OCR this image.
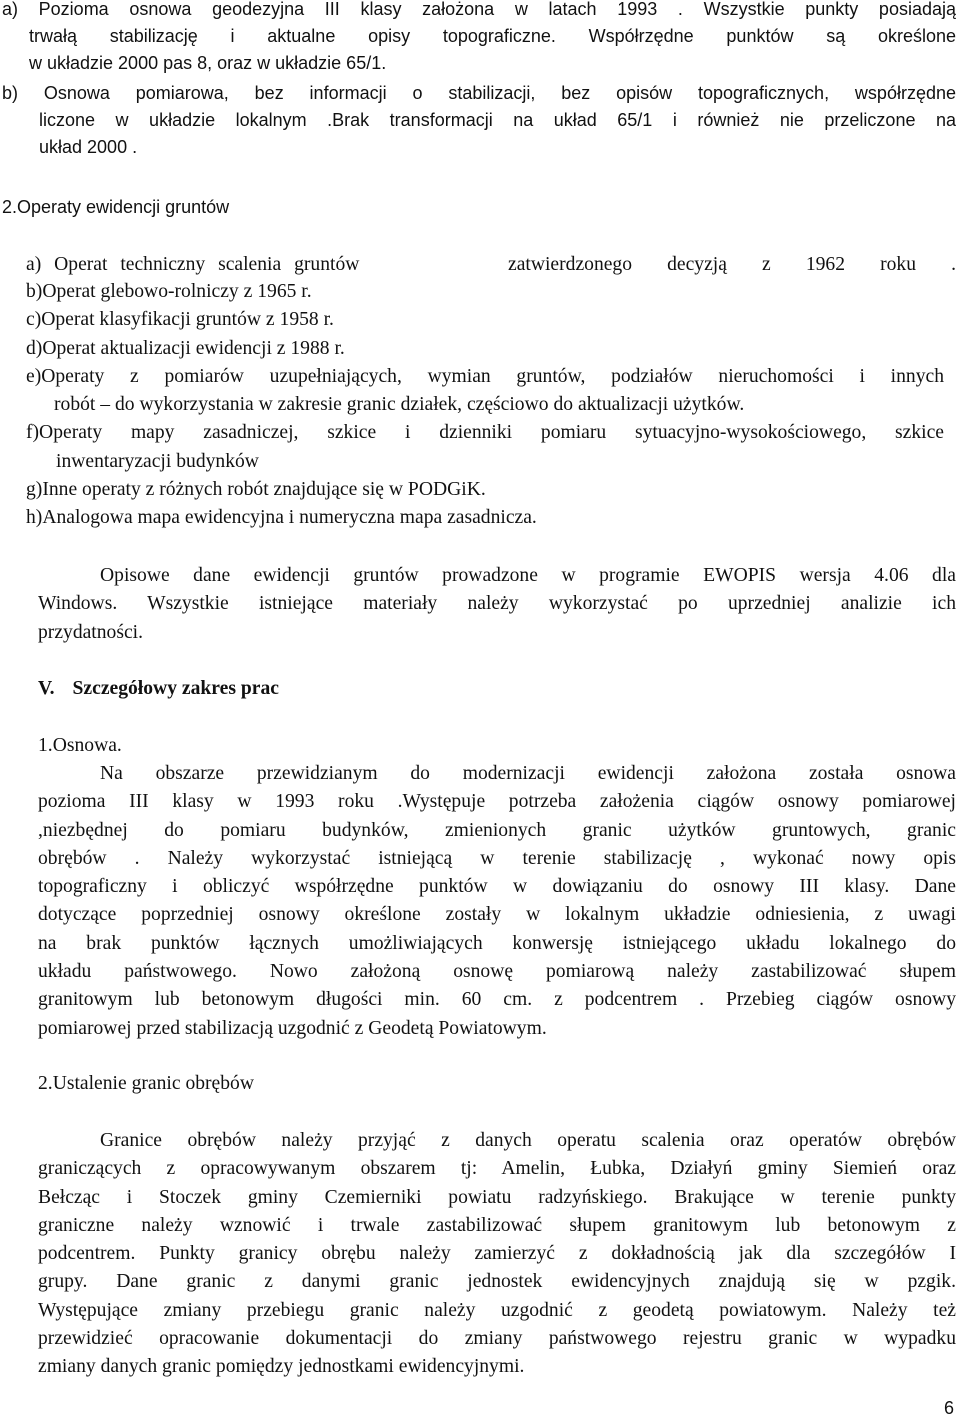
a) Pozioma osnowa geodezyjna III klasy założona w latach 1993 . Wszystkie punkty posiadają
trwałą stabilizację i aktualne opisy topograficzne. Współrzędne punktów są określone
w układzie 2000 pas 8, oraz w układzie 65/1.
b) Osnowa pomiarowa, bez informacji o stabilizacji, bez opisów topograficznych, współrzędne
liczone w układzie lokalnym .Brak transformacji na układ 65/1 i również nie przeliczone na
układ 2000 .
2.Operaty ewidencji gruntów
a) Operat techniczny scalenia gruntów	zatwierdzonego decyzją z 1962 roku .
b)Operat glebowo-rolniczy z 1965 r.
c)Operat klasyfikacji gruntów z 1958 r.
d)Operat aktualizacji ewidencji z 1988 r.
e)Operaty z pomiarów uzupełniających, wymian gruntów, podziałów nieruchomości i innych
robót – do wykorzystania w zakresie granic działek, częściowo do aktualizacji użytków.
f)Operaty mapy zasadniczej, szkice i dzienniki pomiaru sytuacyjno-wysokościowego, szkice
inwentaryzacji budynków
g)Inne operaty z różnych robót znajdujące się w PODGiK.
h)Analogowa mapa ewidencyjna i numeryczna mapa zasadnicza.
Opisowe dane ewidencji gruntów prowadzone w programie EWOPIS wersja 4.06 dla
Windows. Wszystkie istniejące materiały należy wykorzystać po uprzedniej analizie ich
przydatności.
V. Szczegółowy zakres prac
1.Osnowa.
Na obszarze przewidzianym do modernizacji ewidencji założona została osnowa
pozioma III klasy w 1993 roku .Występuje potrzeba założenia ciągów osnowy pomiarowej
,niezbędnej do pomiaru budynków, zmienionych granic użytków gruntowych, granic
obrębów . Należy wykorzystać istniejącą w terenie stabilizację , wykonać nowy opis
topograficzny i obliczyć współrzędne punktów w dowiązaniu do osnowy III klasy. Dane
dotyczące poprzedniej osnowy określone zostały w lokalnym układzie odniesienia, z uwagi
na brak punktów łącznych umożliwiających konwersję istniejącego układu lokalnego do
układu państwowego. Nowo założoną osnowę pomiarową należy zastabilizować słupem
granitowym lub betonowym długości min. 60 cm. z podcentrem . Przebieg ciągów osnowy
pomiarowej przed stabilizacją uzgodnić z Geodetą Powiatowym.
2.Ustalenie granic obrębów
Granice obrębów należy przyjąć z danych operatu scalenia oraz operatów obrębów
graniczących z opracowywanym obszarem tj: Amelin, Łubka, Działyń gminy Siemień oraz
Bełcząc i Stoczek gminy Czemierniki powiatu radzyńskiego. Brakujące w terenie punkty
graniczne należy wznowić i trwale zastabilizować słupem granitowym lub betonowym z
podcentrem. Punkty granicy obrębu należy zamierzyć z dokładnością jak dla szczegółów I
grupy. Dane granic z danymi granic jednostek ewidencyjnych znajdują się w pzgik.
Występujące zmiany przebiegu granic należy uzgodnić z geodetą powiatowym. Należy też
przewidzieć opracowanie dokumentacji do zmiany państwowego rejestru granic w wypadku
zmiany danych granic pomiędzy jednostkami ewidencyjnymi.
6
